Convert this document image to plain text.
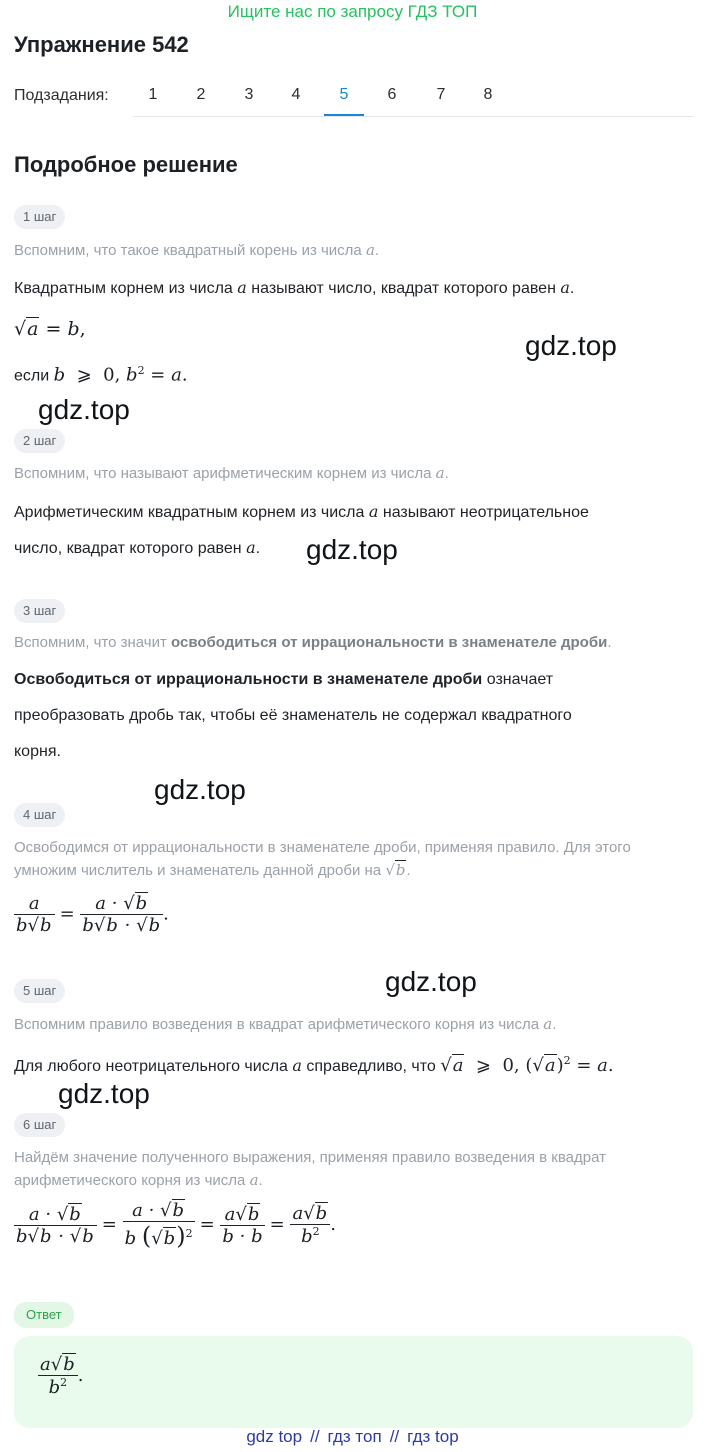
Ищите нас по запросу ГДЗ ТОП
Упражнение 542
Подзадания:	1	2	3	4	5	6	7	8
Подробное решение
1 шаг
Вспомним, что такое квадратный корень из числа a.
Квадратным корнем из числа a называют число, квадрат которого равен a.
√a = b,
если b  ⩾  0, $b^2 = a$.
gdz.top
gdz.top
2 шаг
Вспомним, что называют арифметическим корнем из числа a.
Арифметическим квадратным корнем из числа a называют неотрицательное
число, квадрат которого равен a. gdz.top
3 шаг
Вспомним, что значит освободиться от иррациональности в знаменателе дроби.
Освободиться от иррациональности в знаменателе дроби означает
преобразовать дробь так, чтобы её знаменатель не содержал квадратного
корня.
gdz.top
4 шаг
Освободимся от иррациональности в знаменателе дроби, применяя правило. Для этого
умножим числитель и знаменатель данной дроби на √b.
$\frac{a}{b√b} = \frac{a \cdot √b}{b√b \cdot √b}$ .
gdz.top
5 шаг
Вспомним правило возведения в квадрат арифметического корня из числа a.
Для любого неотрицательного числа a справедливо, что √a  ⩾  0, $(√a)^2 = a$.
gdz.top
6 шаг
Найдём значение полученного выражения, применяя правило возведения в квадрат
арифметического корня из числа a.
$\frac{a \cdot √b}{b√b \cdot √b} = \frac{a \cdot √b}{b (√b)^2} = \frac{a√b}{b \cdot b} = \frac{a√b}{b^2}$ .
Ответ
$\frac{a√b}{b^2}$ .
gdz top // гдз топ // гдз top
